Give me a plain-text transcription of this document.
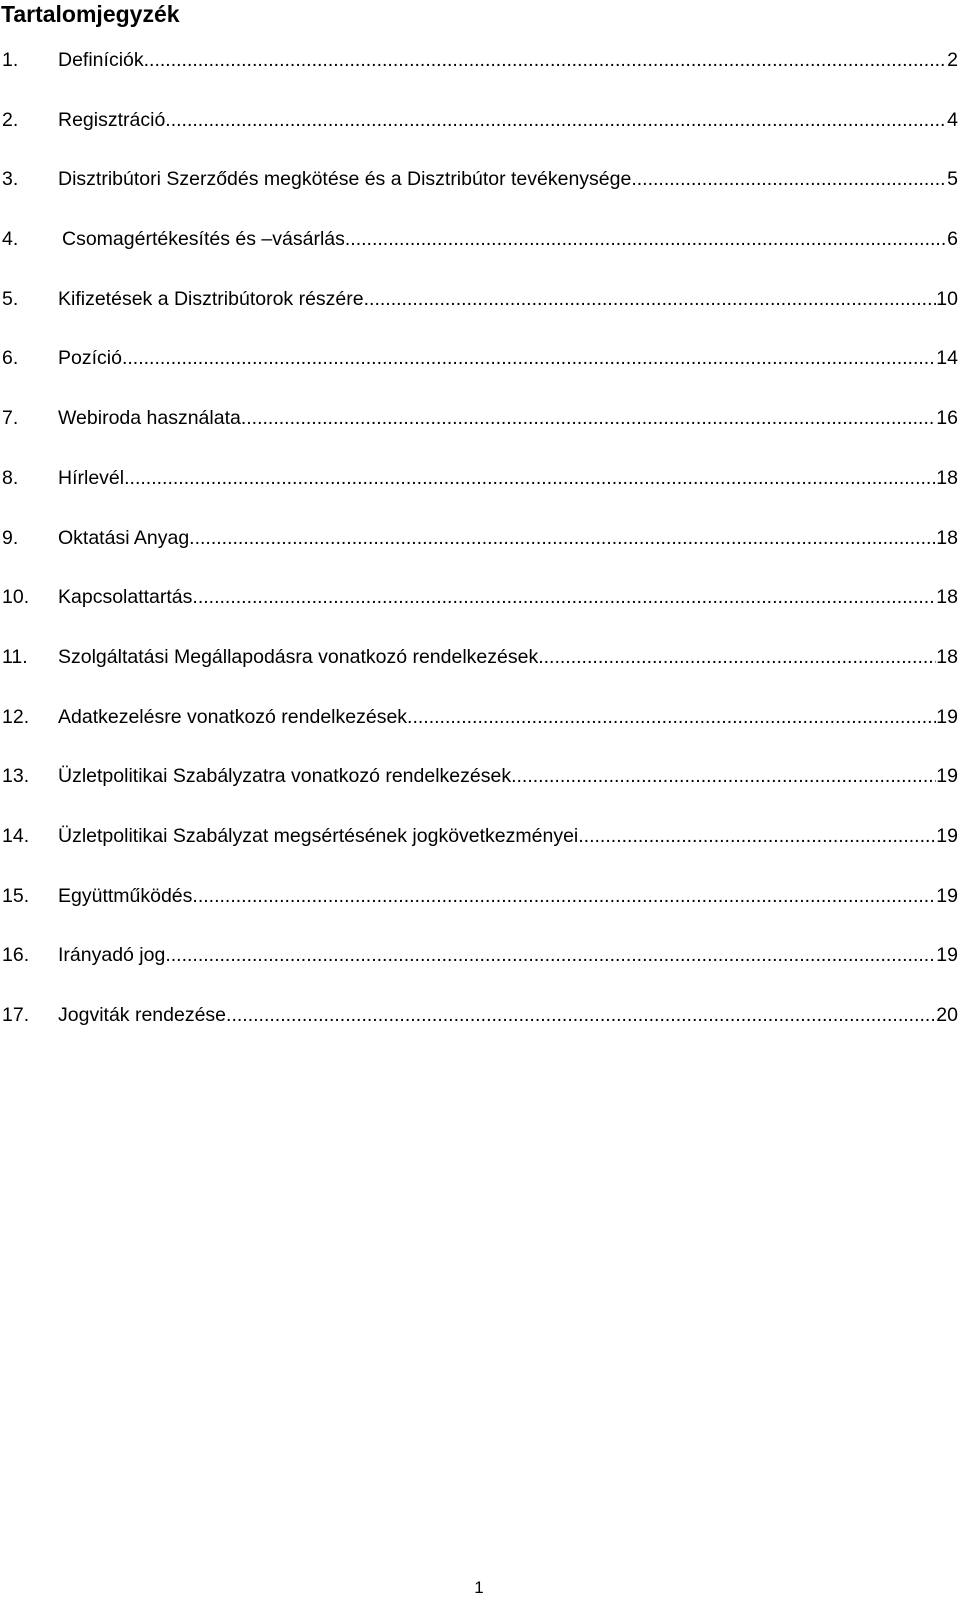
Tartalomjegyzék
1. Definíciók .....	2
2. Regisztráció .....	4
3. Disztribútori Szerződés megkötése és a Disztribútor tevékenysége .....	5
4. Csomagértékesítés és –vásárlás .....	6
5. Kifizetések a Disztribútorok részére .....	10
6. Pozíció .....	14
7. Webiroda használata .....	16
8. Hírlevél .....	18
9. Oktatási Anyag .....	18
10. Kapcsolattartás .....	18
11. Szolgáltatási Megállapodásra vonatkozó rendelkezések .....	18
12. Adatkezelésre vonatkozó rendelkezések .....	19
13. Üzletpolitikai Szabályzatra vonatkozó rendelkezések .....	19
14. Üzletpolitikai Szabályzat megsértésének jogkövetkezményei .....	19
15. Együttműködés .....	19
16. Irányadó jog .....	19
17. Jogviták rendezése .....	20
1
